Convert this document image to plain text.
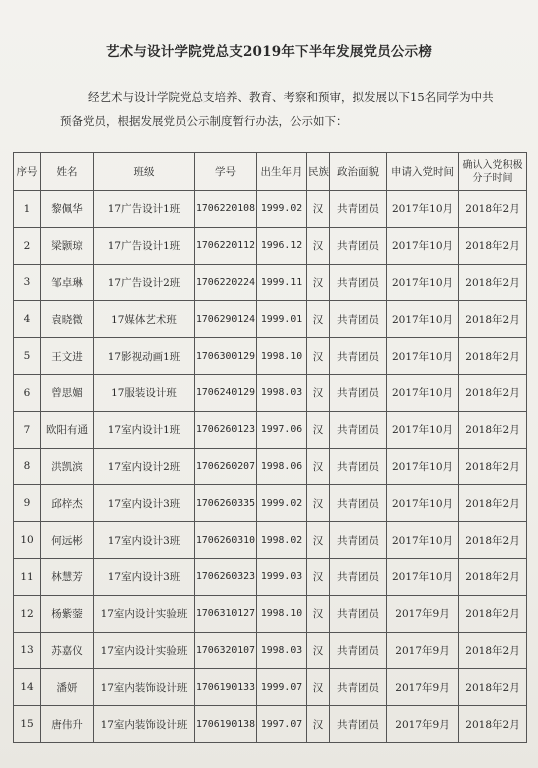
艺术与设计学院党总支2019年下半年发展党员公示榜
经艺术与设计学院党总支培养、教育、考察和预审，拟发展以下15名同学为中共
预备党员，根据发展党员公示制度暂行办法，公示如下：
序号	姓名	班级	学号	出生年月	民族	政治面貌	申请入党时间	确认入党积极分子时间
1	黎佩华	17广告设计1班	1706220108	1999.02	汉	共青团员	2017年10月	2018年2月
2	梁颢琼	17广告设计1班	1706220112	1996.12	汉	共青团员	2017年10月	2018年2月
3	邹卓琳	17广告设计2班	1706220224	1999.11	汉	共青团员	2017年10月	2018年2月
4	袁晓微	17媒体艺术班	1706290124	1999.01	汉	共青团员	2017年10月	2018年2月
5	王文进	17影视动画1班	1706300129	1998.10	汉	共青团员	2017年10月	2018年2月
6	曾思媚	17服装设计班	1706240129	1998.03	汉	共青团员	2017年10月	2018年2月
7	欧阳有通	17室内设计1班	1706260123	1997.06	汉	共青团员	2017年10月	2018年2月
8	洪凯滨	17室内设计2班	1706260207	1998.06	汉	共青团员	2017年10月	2018年2月
9	邱梓杰	17室内设计3班	1706260335	1999.02	汉	共青团员	2017年10月	2018年2月
10	何远彬	17室内设计3班	1706260310	1998.02	汉	共青团员	2017年10月	2018年2月
11	林慧芳	17室内设计3班	1706260323	1999.03	汉	共青团员	2017年10月	2018年2月
12	杨紫蓥	17室内设计实验班	1706310127	1998.10	汉	共青团员	2017年9月	2018年2月
13	苏嘉仪	17室内设计实验班	1706320107	1998.03	汉	共青团员	2017年9月	2018年2月
14	潘妍	17室内装饰设计班	1706190133	1999.07	汉	共青团员	2017年9月	2018年2月
15	唐伟升	17室内装饰设计班	1706190138	1997.07	汉	共青团员	2017年9月	2018年2月
